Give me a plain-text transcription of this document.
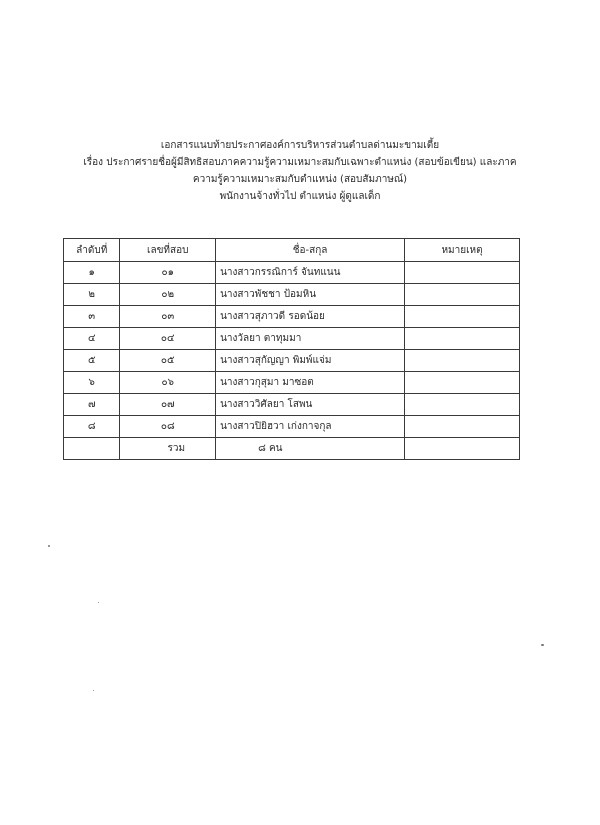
เอกสารแนบท้ายประกาศองค์การบริหารส่วนตำบลด่านมะขามเตี้ย
เรื่อง ประกาศรายชื่อผู้มีสิทธิสอบภาคความรู้ความเหมาะสมกับเฉพาะตำแหน่ง (สอบข้อเขียน) และภาค
ความรู้ความเหมาะสมกับตำแหน่ง (สอบสัมภาษณ์)
พนักงานจ้างทั่วไป ตำแหน่ง ผู้ดูแลเด็ก
ลำดับที่	เลขที่สอบ	ชื่อ-สกุล	หมายเหตุ
๑	๐๑	นางสาวกรรณิการ์ จันทแนน	
๒	๐๒	นางสาวพัชชา ป้อมหิน	
๓	๐๓	นางสาวสุภาวดี รอดน้อย	
๔	๐๔	นางวัลยา ตาทุมมา	
๕	๐๕	นางสาวสุกัญญา พิมพ์แจ่ม	
๖	๐๖	นางสาวกุสุมา มาซอต	
๗	๐๗	นางสาววิศัลยา โสพน	
๘	๐๘	นางสาวปิยิฮวา เก่งกาจกุล	
	รวม	๘ คน	
